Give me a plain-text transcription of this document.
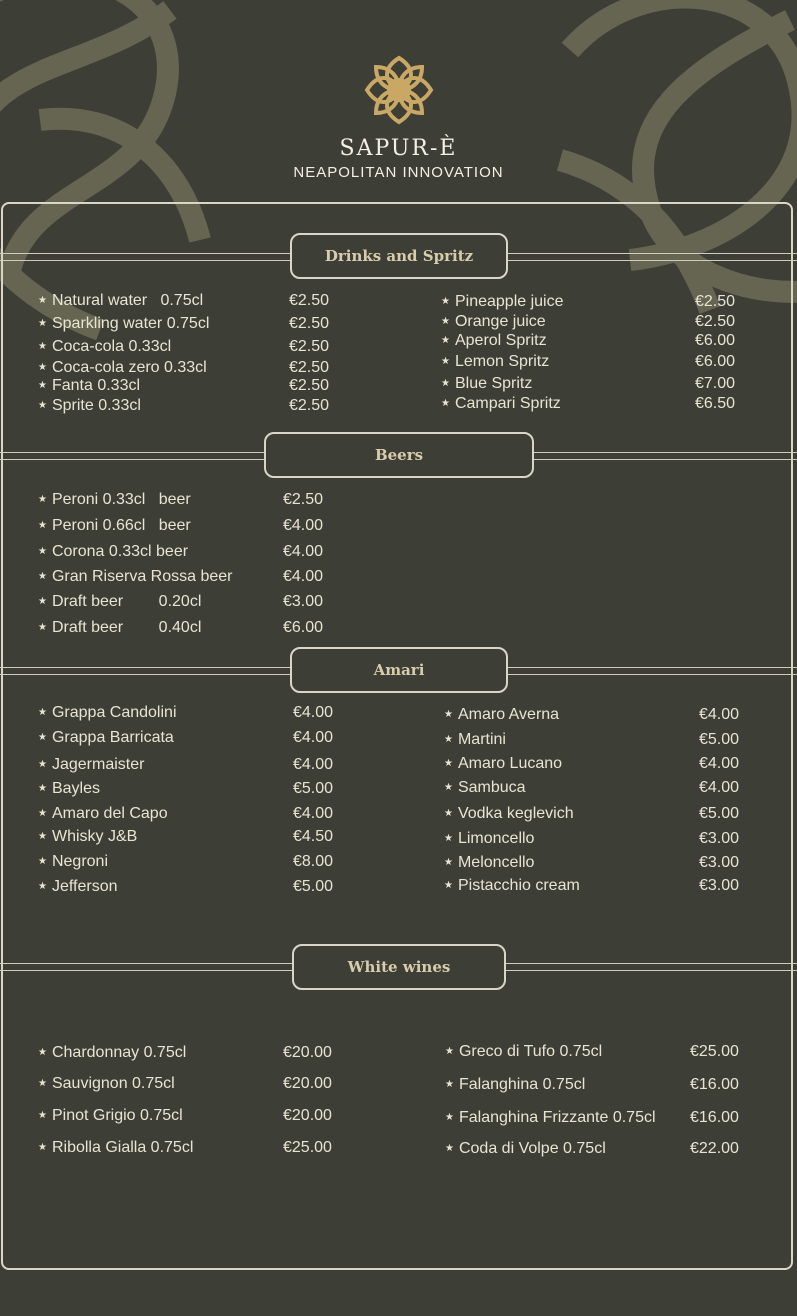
SAPUR-È
NEAPOLITAN INNOVATION
Drinks and Spritz
Beers
Amari
White wines
★ Natural water   0.75cl	€2.50
★ Sparkling water 0.75cl	€2.50
★ Coca-cola 0.33cl	€2.50
★ Coca-cola zero 0.33cl	€2.50
★ Fanta 0.33cl	€2.50
★ Sprite 0.33cl	€2.50
★ Pineapple juice	€2.50
★ Orange juice	€2.50
★ Aperol Spritz	€6.00
★ Lemon Spritz	€6.00
★ Blue Spritz	€7.00
★ Campari Spritz	€6.50
★ Peroni 0.33cl   beer	€2.50
★ Peroni 0.66cl   beer	€4.00
★ Corona 0.33cl beer	€4.00
★ Gran Riserva Rossa beer	€4.00
★ Draft beer        0.20cl	€3.00
★ Draft beer        0.40cl	€6.00
★ Grappa Candolini	€4.00
★ Grappa Barricata	€4.00
★ Jagermaister	€4.00
★ Bayles	€5.00
★ Amaro del Capo	€4.00
★ Whisky J&B	€4.50
★ Negroni	€8.00
★ Jefferson	€5.00
★ Amaro Averna	€4.00
★ Martini	€5.00
★ Amaro Lucano	€4.00
★ Sambuca	€4.00
★ Vodka keglevich	€5.00
★ Limoncello	€3.00
★ Meloncello	€3.00
★ Pistacchio cream	€3.00
★ Chardonnay 0.75cl	€20.00
★ Sauvignon 0.75cl	€20.00
★ Pinot Grigio 0.75cl	€20.00
★ Ribolla Gialla 0.75cl	€25.00
★ Greco di Tufo 0.75cl	€25.00
★ Falanghina 0.75cl	€16.00
★ Falanghina Frizzante 0.75cl €16.00
★ Coda di Volpe 0.75cl	€22.00
